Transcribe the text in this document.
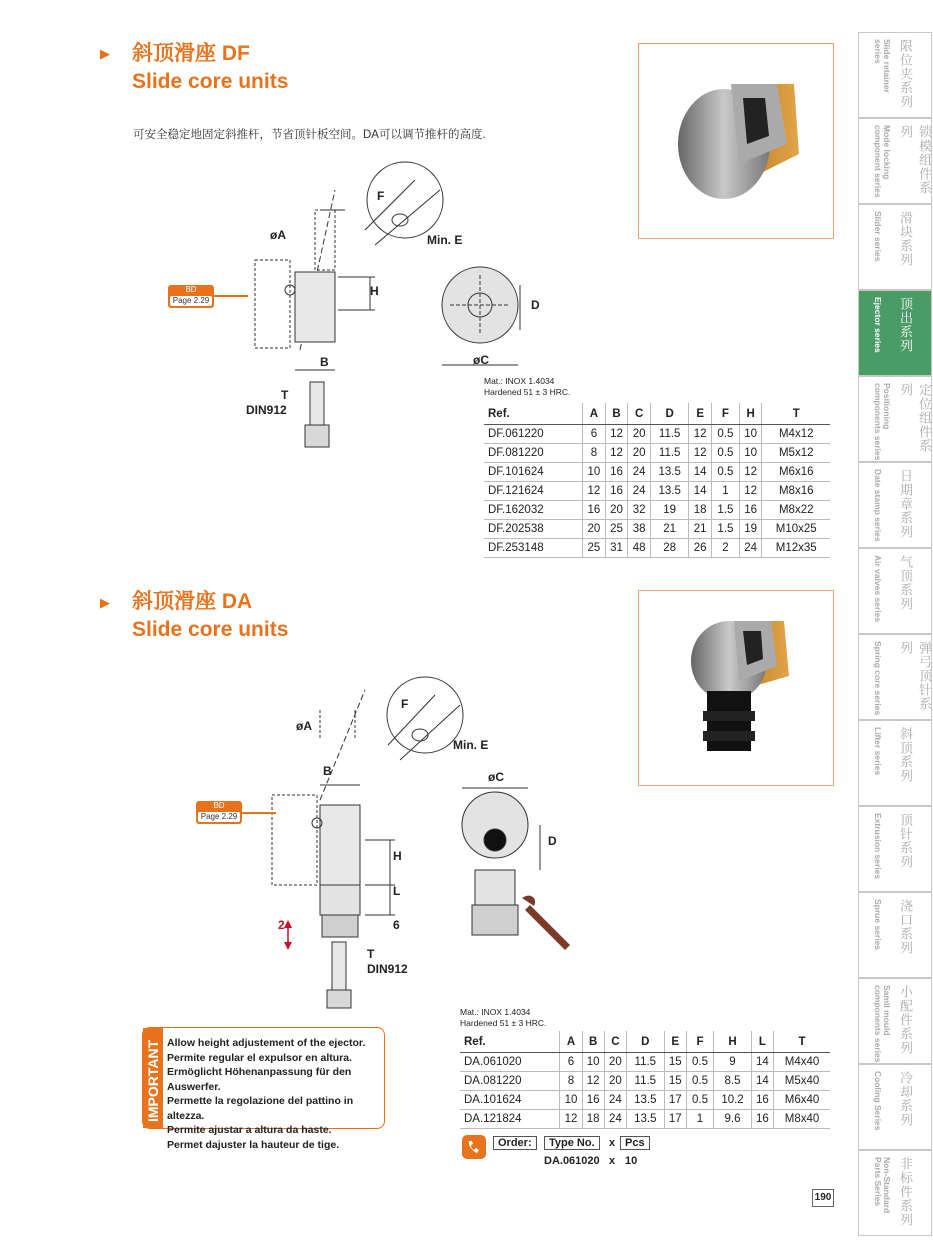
▶ 斜顶滑座 DF
Slide core units
可安全稳定地固定斜推杆，节省顶针板空间。DA可以调节推杆的高度.
øA
F
Min. E
H
B
T
DIN912
D
øC
BD
Page 2.29
Mat.: INOX 1.4034
Hardened 51 ± 3 HRC.
Ref.	A	B	C	D	E	F	H	T
DF.061220	6	12	20	11.5	12	0.5	10	M4x12
DF.081220	8	12	20	11.5	12	0.5	10	M5x12
DF.101624	10	16	24	13.5	14	0.5	12	M6x16
DF.121624	12	16	24	13.5	14	1	12	M8x16
DF.162032	16	20	32	19	18	1.5	16	M8x22
DF.202538	20	25	38	21	21	1.5	19	M10x25
DF.253148	25	31	48	28	26	2	24	M12x35
▶ 斜顶滑座 DA
Slide core units
øA
F
Min. E
B
H
L
6
2
T
DIN912
øC
D
BD
Page 2.29
IMPORTANT Allow height adjustement of the ejector.
Permite regular el expulsor en altura.
Ermöglicht Höhenanpassung für den Auswerfer.
Permette la regolazione del pattino in altezza.
Permite ajustar a altura da haste.
Permet dajuster la hauteur de tige.
Mat.: INOX 1.4034
Hardened 51 ± 3 HRC.
Ref.	A	B	C	D	E	F	H	L	T
DA.061020	6	10	20	11.5	15	0.5	9	14	M4x40
DA.081220	8	12	20	11.5	15	0.5	8.5	14	M5x40
DA.101624	10	16	24	13.5	17	0.5	10.2	16	M6x40
DA.121824	12	18	24	13.5	17	1	9.6	16	M8x40
Order:	Type No.	x Pcs
DA.061020 x 10
限位夹系列
Slide retainer series
锁模组件系列
Mode locking component series
滑块系列
Slider series
顶出系列
Ejector series
定位组件系列
Positioning components series
日期章系列
Date stamp series
气顶系列
Air valves series
弹弓顶针系列
Spring core series
斜顶系列
Lifter series
顶针系列
Extrusion series
浇口系列
Sprue series
小配件系列
Samll mould components series
冷却系列
Cooling Series
非标件系列
Non-Standard Parts Series
190
